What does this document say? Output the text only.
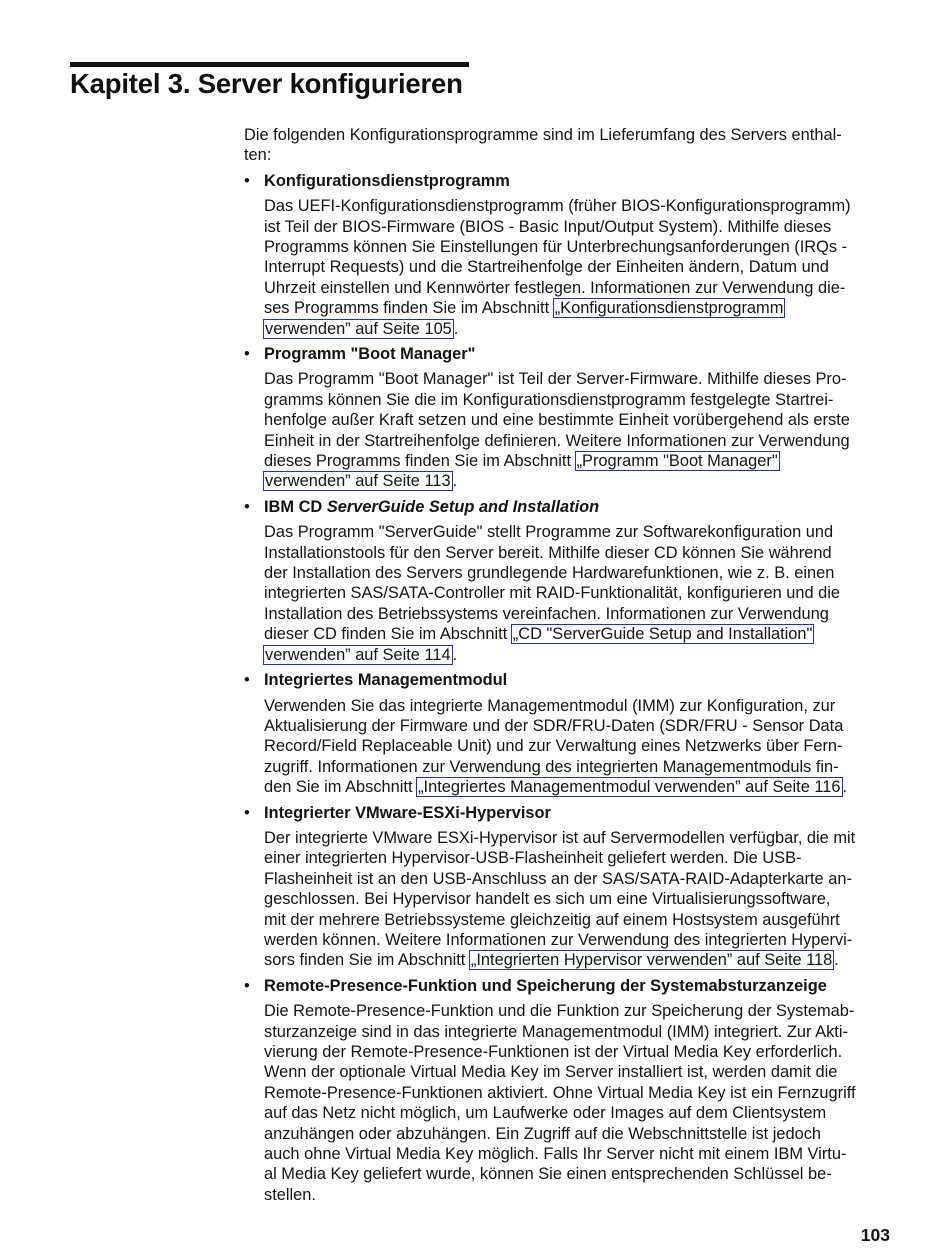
Kapitel 3. Server konfigurieren

Die folgenden Konfigurationsprogramme sind im Lieferumfang des Servers enthal-
ten:

• Konfigurationsdienstprogramm
Das UEFI-Konfigurationsdienstprogramm (früher BIOS-Konfigurationsprogramm)
ist Teil der BIOS-Firmware (BIOS - Basic Input/Output System). Mithilfe dieses
Programms können Sie Einstellungen für Unterbrechungsanforderungen (IRQs -
Interrupt Requests) und die Startreihenfolge der Einheiten ändern, Datum und
Uhrzeit einstellen und Kennwörter festlegen. Informationen zur Verwendung die-
ses Programms finden Sie im Abschnitt „Konfigurationsdienstprogramm
verwenden” auf Seite 105 .
• Programm "Boot Manager"
Das Programm "Boot Manager" ist Teil der Server-Firmware. Mithilfe dieses Pro-
gramms können Sie die im Konfigurationsdienstprogramm festgelegte Startrei-
henfolge außer Kraft setzen und eine bestimmte Einheit vorübergehend als erste
Einheit in der Startreihenfolge definieren. Weitere Informationen zur Verwendung
dieses Programms finden Sie im Abschnitt „Programm "Boot Manager"
verwenden” auf Seite 113 .
• IBM CD ServerGuide Setup and Installation
Das Programm "ServerGuide" stellt Programme zur Softwarekonfiguration und
Installationstools für den Server bereit. Mithilfe dieser CD können Sie während
der Installation des Servers grundlegende Hardwarefunktionen, wie z. B. einen
integrierten SAS/SATA-Controller mit RAID-Funktionalität, konfigurieren und die
Installation des Betriebssystems vereinfachen. Informationen zur Verwendung
dieser CD finden Sie im Abschnitt „CD "ServerGuide Setup and Installation"
verwenden” auf Seite 114 .
• Integriertes Managementmodul
Verwenden Sie das integrierte Managementmodul (IMM) zur Konfiguration, zur
Aktualisierung der Firmware und der SDR/FRU-Daten (SDR/FRU - Sensor Data
Record/Field Replaceable Unit) und zur Verwaltung eines Netzwerks über Fern-
zugriff. Informationen zur Verwendung des integrierten Managementmoduls fin-
den Sie im Abschnitt „Integriertes Managementmodul verwenden” auf Seite 116 .
• Integrierter VMware-ESXi-Hypervisor
Der integrierte VMware ESXi-Hypervisor ist auf Servermodellen verfügbar, die mit
einer integrierten Hypervisor-USB-Flasheinheit geliefert werden. Die USB-
Flasheinheit ist an den USB-Anschluss an der SAS/SATA-RAID-Adapterkarte an-
geschlossen. Bei Hypervisor handelt es sich um eine Virtualisierungssoftware,
mit der mehrere Betriebssysteme gleichzeitig auf einem Hostsystem ausgeführt
werden können. Weitere Informationen zur Verwendung des integrierten Hypervi-
sors finden Sie im Abschnitt „Integrierten Hypervisor verwenden” auf Seite 118 .
• Remote-Presence-Funktion und Speicherung der Systemabsturzanzeige
Die Remote-Presence-Funktion und die Funktion zur Speicherung der Systemab-
sturzanzeige sind in das integrierte Managementmodul (IMM) integriert. Zur Akti-
vierung der Remote-Presence-Funktionen ist der Virtual Media Key erforderlich.
Wenn der optionale Virtual Media Key im Server installiert ist, werden damit die
Remote-Presence-Funktionen aktiviert. Ohne Virtual Media Key ist ein Fernzugriff
auf das Netz nicht möglich, um Laufwerke oder Images auf dem Clientsystem
anzuhängen oder abzuhängen. Ein Zugriff auf die Webschnittstelle ist jedoch
auch ohne Virtual Media Key möglich. Falls Ihr Server nicht mit einem IBM Virtu-
al Media Key geliefert wurde, können Sie einen entsprechenden Schlüssel be-
stellen.
103
